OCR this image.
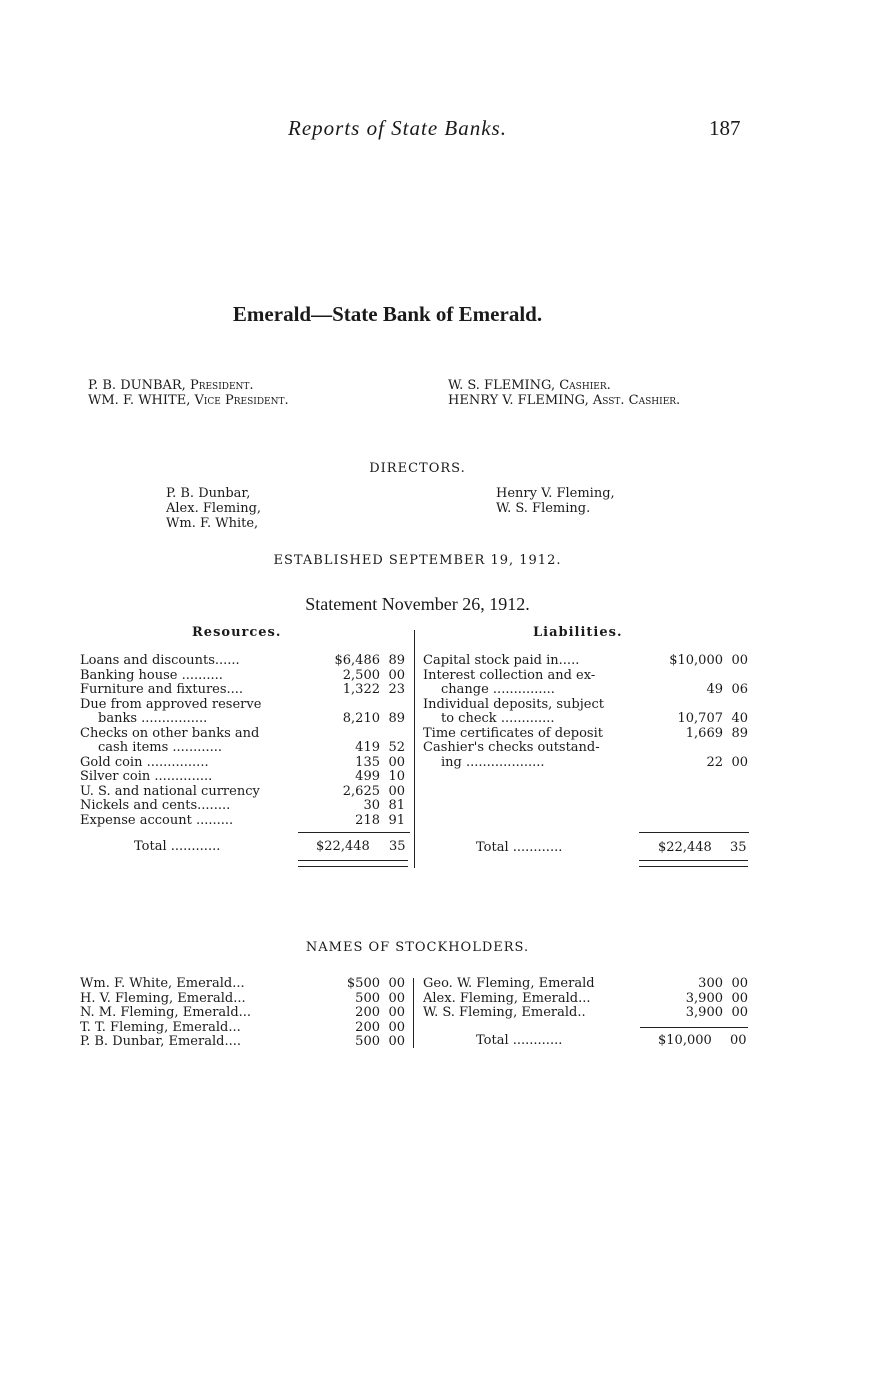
Reports of State Banks.	187
Emerald—State Bank of Emerald.
P. B. DUNBAR, President.
WM. F. WHITE, Vice President.
W. S. FLEMING, Cashier.
HENRY V. FLEMING, Asst. Cashier.
DIRECTORS.
P. B. Dunbar,
Alex. Fleming,
Wm. F. White,
Henry V. Fleming,
W. S. Fleming.
ESTABLISHED SEPTEMBER 19, 1912.
Statement November 26, 1912.
Resources.	Liabilities.
Loans and discounts......	$6,486 89
Banking house ..........	2,500 00
Furniture and fixtures....	1,322 23
Due from approved reserve
banks ................	8,210 89
Checks on other banks and
cash items ............	419 52
Gold coin ...............	135 00
Silver coin ..............	499 10
U. S. and national currency	2,625 00
Nickels and cents........	30 81
Expense account .........	218 91
Total ............	$22,448 35
Capital stock paid in.....	$10,000 00
Interest collection and ex-
change ...............	49 06
Individual deposits, subject
to check .............	10,707 40
Time certificates of deposit	1,669 89
Cashier's checks outstand-
ing ...................	22 00
Total ............	$22,448 35
NAMES OF STOCKHOLDERS.
Wm. F. White, Emerald...	$500 00
H. V. Fleming, Emerald...	500 00
N. M. Fleming, Emerald...	200 00
T. T. Fleming, Emerald...	200 00
P. B. Dunbar, Emerald....	500 00
Geo. W. Fleming, Emerald	300 00
Alex. Fleming, Emerald...	3,900 00
W. S. Fleming, Emerald..	3,900 00
Total ............	$10,000 00
